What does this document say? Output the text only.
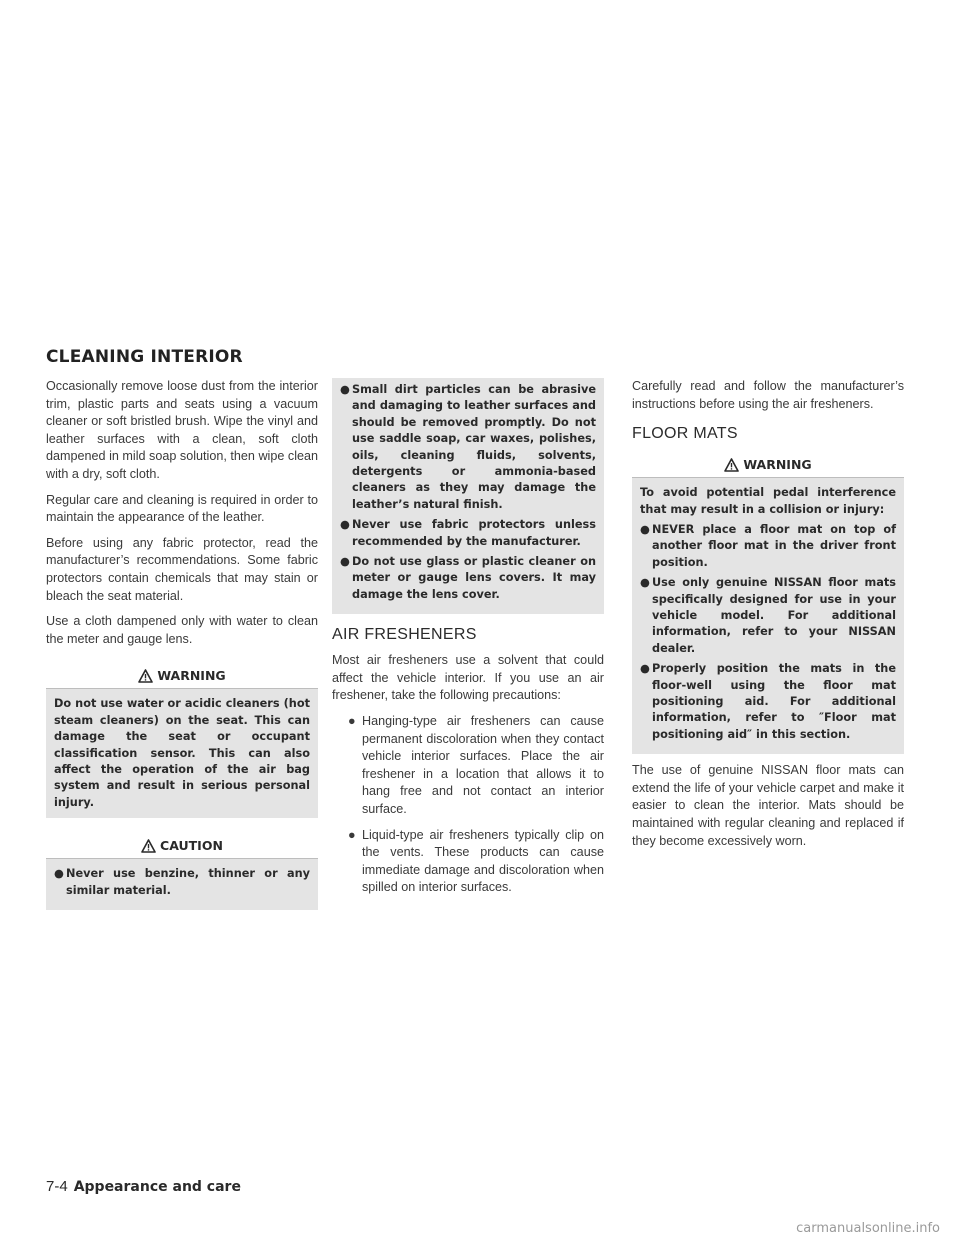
CLEANING INTERIOR

Occasionally remove loose dust from the interior trim, plastic parts and seats using a vacuum cleaner or soft bristled brush. Wipe the vinyl and leather surfaces with a clean, soft cloth dampened in mild soap solution, then wipe clean with a dry, soft cloth.

Regular care and cleaning is required in order to maintain the appearance of the leather.

Before using any fabric protector, read the manufacturer’s recommendations. Some fabric protectors contain chemicals that may stain or bleach the seat material.

Use a cloth dampened only with water to clean the meter and gauge lens.

WARNING
Do not use water or acidic cleaners (hot steam cleaners) on the seat. This can damage the seat or occupant classification sensor. This can also affect the operation of the air bag system and result in serious personal injury.
CAUTION
● Never use benzine, thinner or any similar material.
● Small dirt particles can be abrasive and damaging to leather surfaces and should be removed promptly. Do not use saddle soap, car waxes, polishes, oils, cleaning fluids, solvents, detergents or ammonia-based cleaners as they may damage the leather’s natural finish.
● Never use fabric protectors unless recommended by the manufacturer.
● Do not use glass or plastic cleaner on meter or gauge lens covers. It may damage the lens cover.
AIR FRESHENERS

Most air fresheners use a solvent that could affect the vehicle interior. If you use an air freshener, take the following precautions:

● Hanging-type air fresheners can cause permanent discoloration when they contact vehicle interior surfaces. Place the air freshener in a location that allows it to hang free and not contact an interior surface.
● Liquid-type air fresheners typically clip on the vents. These products can cause immediate damage and discoloration when spilled on interior surfaces.

Carefully read and follow the manufacturer’s instructions before using the air fresheners.

FLOOR MATS
WARNING

To avoid potential pedal interference that may result in a collision or injury:

● NEVER place a floor mat on top of another floor mat in the driver front position.
● Use only genuine NISSAN floor mats specifically designed for use in your vehicle model. For additional information, refer to your NISSAN dealer.
● Properly position the mats in the floor-well using the floor mat positioning aid. For additional information, refer to ″Floor mat positioning aid″ in this section.

The use of genuine NISSAN floor mats can extend the life of your vehicle carpet and make it easier to clean the interior. Mats should be maintained with regular cleaning and replaced if they become excessively worn.

7-4 Appearance and care
carmanualsonline.info
